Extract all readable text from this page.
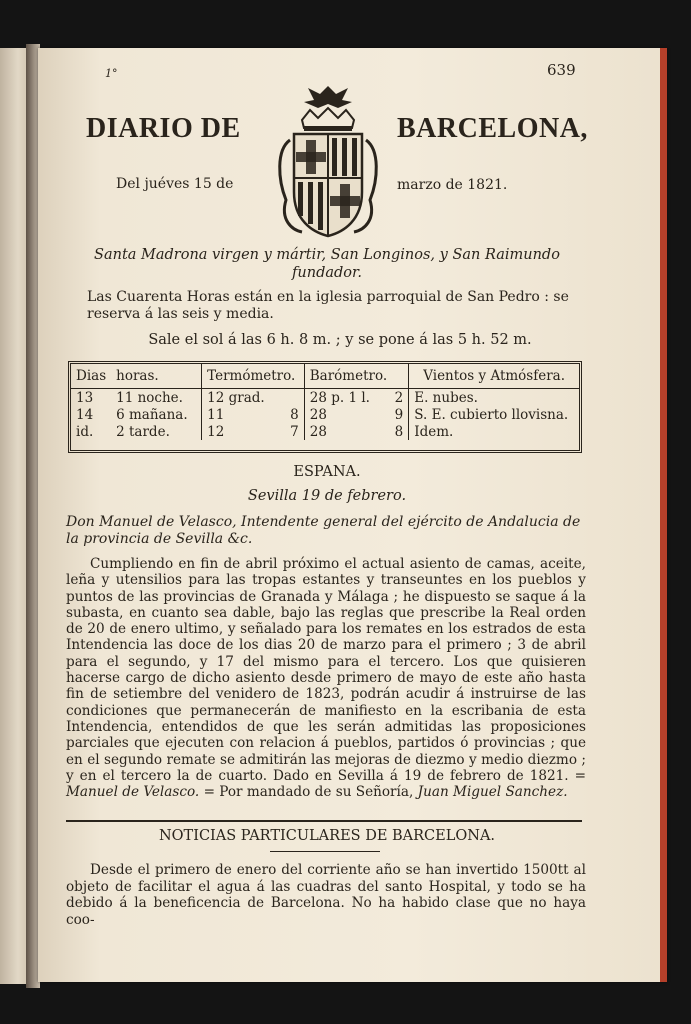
1°	639
DIARIO DE	BARCELONA,
Del juéves 15 de	marzo de 1821.
Santa Madrona virgen y mártir, San Longinos, y San Raimundo fundador.
Las Cuarenta Horas están en la iglesia parroquial de San Pedro : se reserva á las seis y media.
Sale el sol á las 6 h. 8 m. ; y se pone á las 5 h. 52 m.
Dias	horas.	Termómetro.		Barómetro.		Vientos y Atmósfera.
13	11 noche.	12 grad.		28 p. 1 l.	2	E. nubes.
14	6 mañana.	11	8	28	9	S. E. cubierto llovisna.
id.	2 tarde.	12	7	28	8	Idem.
ESPANA.
Sevilla 19 de febrero.
Don Manuel de Velasco, Intendente general del ejército de Andalucia de la provincia de Sevilla &c.
Cumpliendo en fin de abril próximo el actual asiento de camas, aceite, leña y utensilios para las tropas estantes y transeuntes en los pueblos y puntos de las provincias de Granada y Málaga ; he dispuesto se saque á la subasta, en cuanto sea dable, bajo las reglas que prescribe la Real orden de 20 de enero ultimo, y señalado para los remates en los estrados de esta Intendencia las doce de los dias 20 de marzo para el primero ; 3 de abril para el segundo, y 17 del mismo para el tercero. Los que quisieren hacerse cargo de dicho asiento desde primero de mayo de este año hasta fin de setiembre del venidero de 1823, podrán acudir á instruirse de las condiciones que permanecerán de manifiesto en la escribania de esta Intendencia, entendidos de que les serán admitidas las proposiciones parciales que ejecuten con relacion á pueblos, partidos ó provincias ; que en el segundo remate se admitirán las mejoras de diezmo y medio diezmo ; y en el tercero la de cuarto. Dado en Sevilla á 19 de febrero de 1821. = Manuel de Velasco. = Por mandado de su Señoría, Juan Miguel Sanchez.
NOTICIAS PARTICULARES DE BARCELONA.
Desde el primero de enero del corriente año se han invertido 1500tt al objeto de facilitar el agua á las cuadras del santo Hospital, y todo se ha debido á la beneficencia de Barcelona. No ha habido clase que no haya coo-
